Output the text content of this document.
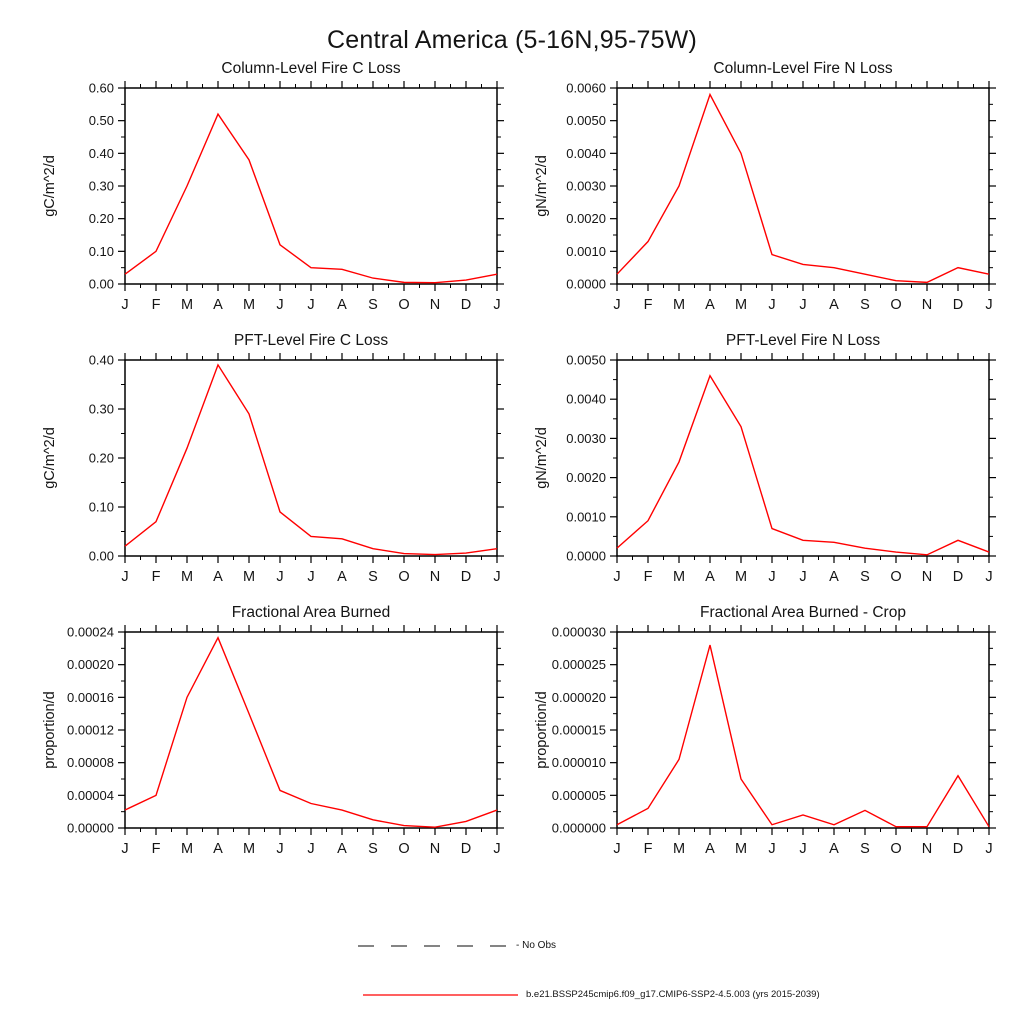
Central America (5-16N,95-75W)
Column-Level Fire C Loss
gC/m^2/d
0.00
0.10
0.20
0.30
0.40
0.50
0.60
J F M A M J J A S O N D J
Column-Level Fire N Loss
gN/m^2/d
0.0000
0.0010
0.0020
0.0030
0.0040
0.0050
0.0060
J F M A M J J A S O N D J
PFT-Level Fire C Loss
gC/m^2/d
0.00
0.10
0.20
0.30
0.40
J F M A M J J A S O N D J
PFT-Level Fire N Loss
gN/m^2/d
0.0000
0.0010
0.0020
0.0030
0.0040
0.0050
J F M A M J J A S O N D J
Fractional Area Burned
proportion/d
0.00000
0.00004
0.00008
0.00012
0.00016
0.00020
0.00024
J F M A M J J A S O N D J
Fractional Area Burned - Crop
proportion/d
0.000000
0.000005
0.000010
0.000015
0.000020
0.000025
0.000030
J F M A M J J A S O N D J
- No Obs
b.e21.BSSP245cmip6.f09_g17.CMIP6-SSP2-4.5.003 (yrs 2015-2039)
